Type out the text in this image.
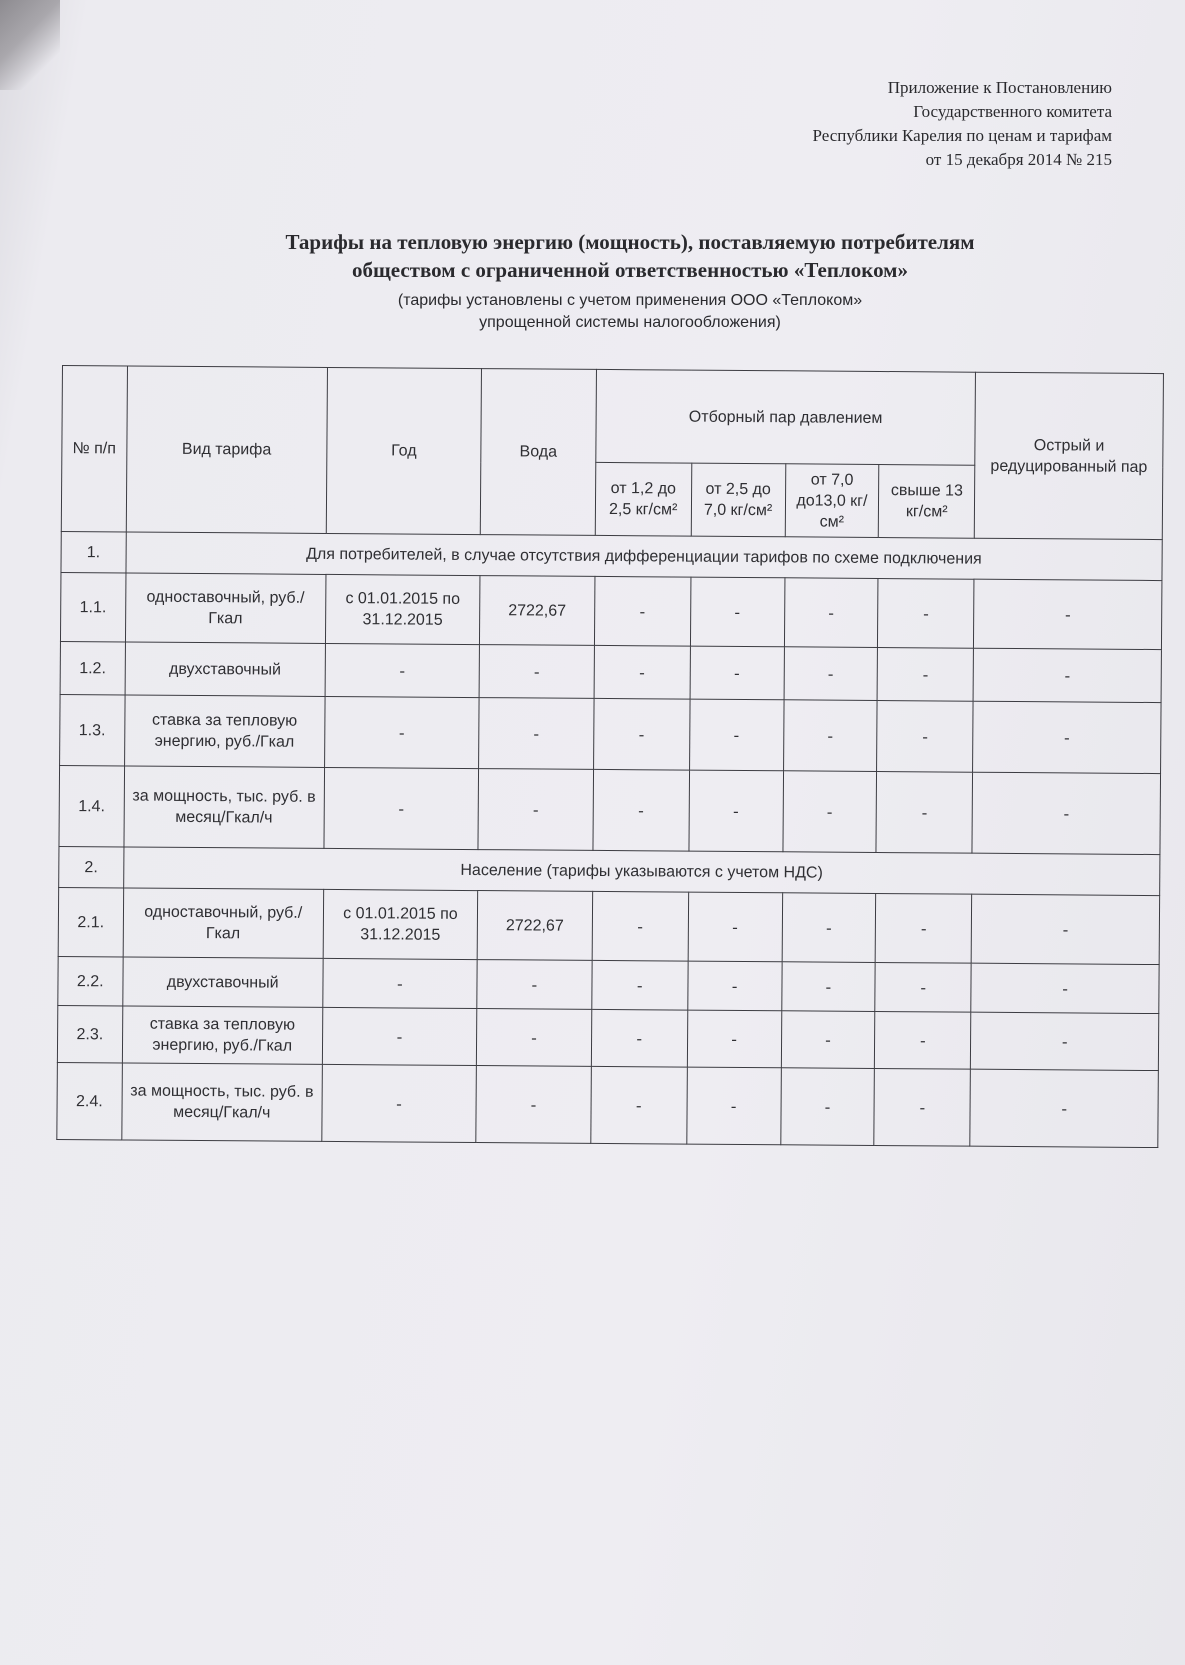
Приложение к Постановлению
Государственного комитета
Республики Карелия по ценам и тарифам
от 15 декабря 2014 № 215
Тарифы на тепловую энергию (мощность), поставляемую потребителям
обществом с ограниченной ответственностью «Теплоком»
(тарифы установлены с учетом применения ООО «Теплоком»
упрощенной системы налогообложения)
№ п/п	Вид тарифа	Год	Вода	Отборный пар давлением				Острый и редуцированный пар
				от 1,2 до 2,5 кг/см²	от 2,5 до 7,0 кг/см²	от 7,0 до13,0 кг/см²	свыше 13 кг/см²	
1.	Для потребителей, в случае отсутствия дифференциации тарифов по схеме подключения							
1.1.	одноставочный, руб./Гкал	с 01.01.2015 по 31.12.2015	2722,67	-	-	-	-	-
1.2.	двухставочный	-	-	-	-	-	-	-
1.3.	ставка за тепловую энергию, руб./Гкал	-	-	-	-	-	-	-
1.4.	за мощность, тыс. руб. в месяц/Гкал/ч	-	-	-	-	-	-	-
2.	Население (тарифы указываются с учетом НДС)							
2.1.	одноставочный, руб./Гкал	с 01.01.2015 по 31.12.2015	2722,67	-	-	-	-	-
2.2.	двухставочный	-	-	-	-	-	-	-
2.3.	ставка за тепловую энергию, руб./Гкал	-	-	-	-	-	-	-
2.4.	за мощность, тыс. руб. в месяц/Гкал/ч	-	-	-	-	-	-	-
